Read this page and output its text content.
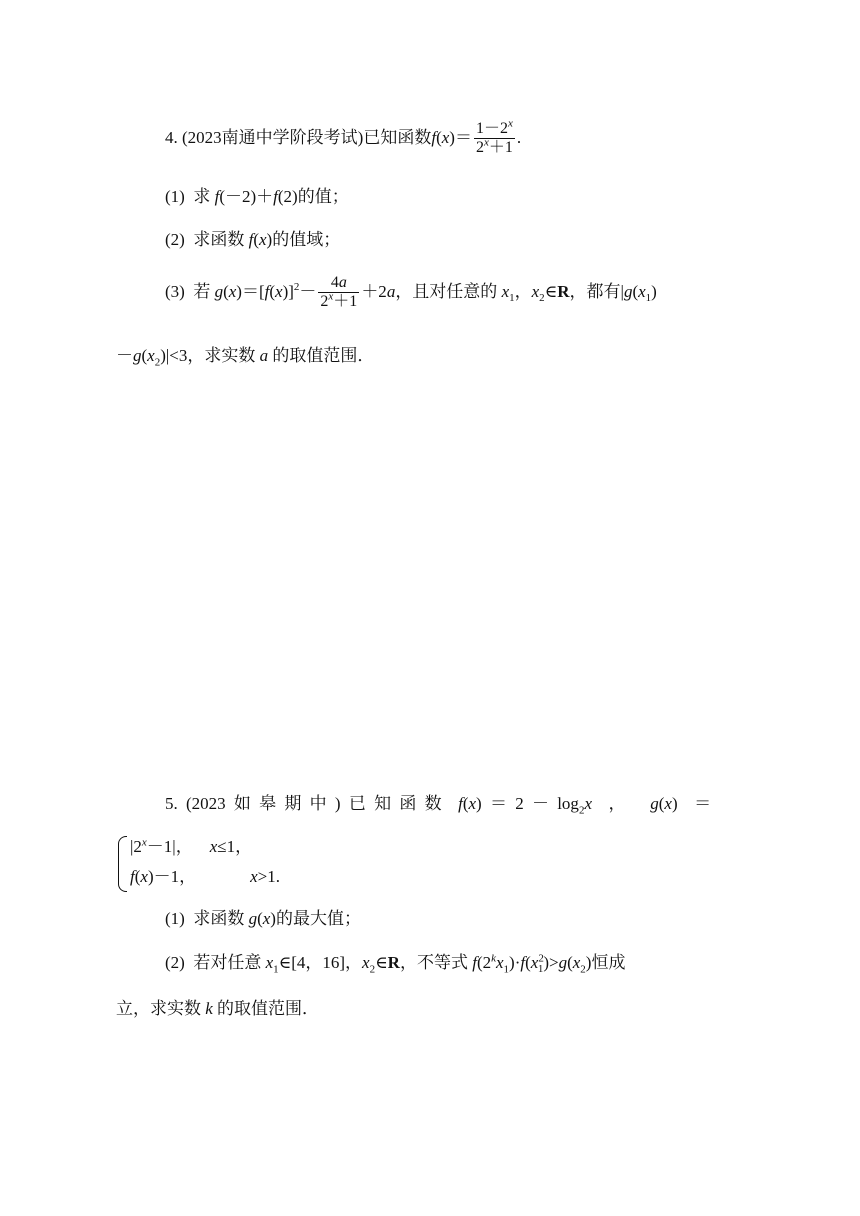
4. (2023南通中学阶段考试)已知函数$f(x)= \frac{1-2^x}{2^x+1}$ .
(1)  求 f(－2)＋f(2)的值；
(2) 求函数 f(x)的值域；
(3) 若 $g(x)=[f(x)]^2- \frac{4a}{2^x+1} +2a$，且对任意的 $x_1$，$x_2\in R$，都有$|g(x_1)$
$-g(x_2)|<3$，求实数 a 的取值范围．
5. (2023 如 皋 期 中 ) 已 知 函 数 $f(x) = 2 - \log_2x$  ，   g(x)  ＝
$|2^x-1|$， x≤1，
f(x)－1，	x>1.
(1) 求函数 g(x)的最大值；
(2) 若对任意 $x_1\in[4$，16]，$x_2\in R$，不等式 $f(2^kx_1)\cdot f(x^2_1)>g(x_2)$恒成
立，求实数 k 的取值范围．
